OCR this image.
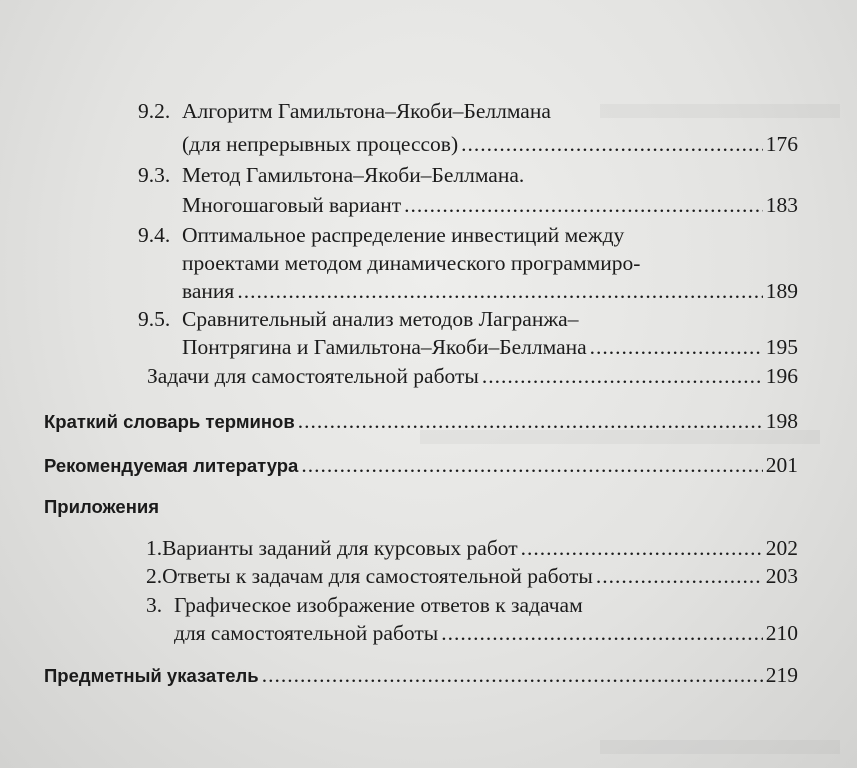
9.2. Алгоритм Гамильтона–Якоби–Беллмана
(для непрерывных процессов) .....	176
9.3. Метод Гамильтона–Якоби–Беллмана.
Многошаговый вариант .....	183
9.4. Оптимальное распределение инвестиций между
проектами методом динамического программиро-
вания .....	189
9.5. Сравнительный анализ методов Лагранжа–
Понтрягина и Гамильтона–Якоби–Беллмана .....	195
Задачи для самостоятельной работы .....	196
Краткий словарь терминов .....	198
Рекомендуемая литература .....	201
Приложения
1. Варианты заданий для курсовых работ .....	202
2. Ответы к задачам для самостоятельной работы .....	203
3. Графическое изображение ответов к задачам
для самостоятельной работы .....	210
Предметный указатель .....	219
